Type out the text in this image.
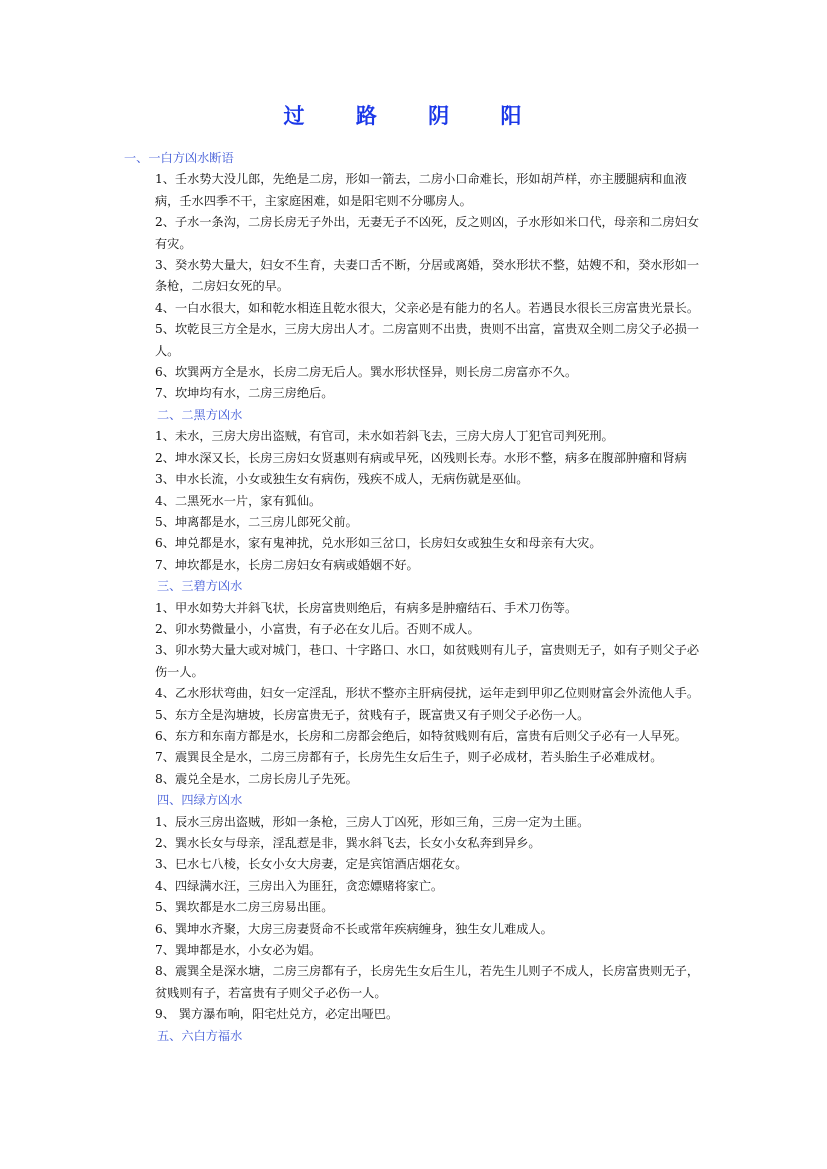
过 路 阴 阳
一、一白方凶水断语
1、壬水势大没儿郎，先绝是二房，形如一箭去，二房小口命难长，形如胡芦样，亦主腰腿病和血液病，壬水四季不干，主家庭困难，如是阳宅则不分哪房人。
2、子水一条沟，二房长房无子外出，无妻无子不凶死，反之则凶，子水形如米口代，母亲和二房妇女有灾。
3、癸水势大量大，妇女不生育，夫妻口舌不断，分居或离婚，癸水形状不整，姑嫂不和，癸水形如一条枪，二房妇女死的早。
4、一白水很大，如和乾水相连且乾水很大，父亲必是有能力的名人。若遇艮水很长三房富贵光景长。
5、坎乾艮三方全是水，三房大房出人才。二房富则不出贵，贵则不出富，富贵双全则二房父子必损一人。
6、坎巽两方全是水，长房二房无后人。巽水形状怪异，则长房二房富亦不久。
7、坎坤均有水，二房三房绝后。
二、二黑方凶水
1、未水，三房大房出盗贼，有官司，未水如若斜飞去，三房大房人丁犯官司判死刑。
2、坤水深又长，长房三房妇女贤惠则有病或早死，凶残则长寿。水形不整，病多在腹部肿瘤和肾病
3、申水长流，小女或独生女有病伤，残疾不成人，无病伤就是巫仙。
4、二黑死水一片，家有狐仙。
5、坤离都是水，二三房儿郎死父前。
6、坤兑都是水，家有鬼神扰，兑水形如三岔口，长房妇女或独生女和母亲有大灾。
7、坤坎都是水，长房二房妇女有病或婚姻不好。
三、三碧方凶水
1、甲水如势大并斜飞状，长房富贵则绝后，有病多是肿瘤结石、手术刀伤等。
2、卯水势微量小，小富贵，有子必在女儿后。否则不成人。
3、卯水势大量大或对城门，巷口、十字路口、水口，如贫贱则有儿子，富贵则无子，如有子则父子必伤一人。
4、乙水形状弯曲，妇女一定淫乱，形状不整亦主肝病侵扰，运年走到甲卯乙位则财富会外流他人手。
5、东方全是沟塘坡，长房富贵无子，贫贱有子，既富贵又有子则父子必伤一人。
6、东方和东南方都是水，长房和二房都会绝后，如特贫贱则有后，富贵有后则父子必有一人早死。
7、震巽艮全是水，二房三房都有子，长房先生女后生子，则子必成材，若头胎生子必难成材。
8、震兑全是水，二房长房儿子先死。
四、四绿方凶水
1、辰水三房出盗贼，形如一条枪，三房人丁凶死，形如三角，三房一定为土匪。
2、巽水长女与母亲，淫乱惹是非，巽水斜飞去，长女小女私奔到异乡。
3、巳水七八棱，长女小女大房妻，定是宾馆酒店烟花女。
4、四绿满水汪，三房出入为匪狂，贪恋嫖赌将家亡。
5、巽坎都是水二房三房易出匪。
6、巽坤水齐聚，大房三房妻贤命不长或常年疾病缠身，独生女儿难成人。
7、巽坤都是水，小女必为娼。
8、震巽全是深水塘，二房三房都有子，长房先生女后生儿，若先生儿则子不成人，长房富贵则无子，贫贱则有子，若富贵有子则父子必伤一人。
9、 巽方瀑布响，阳宅灶兑方，必定出哑巴。
五、六白方福水
